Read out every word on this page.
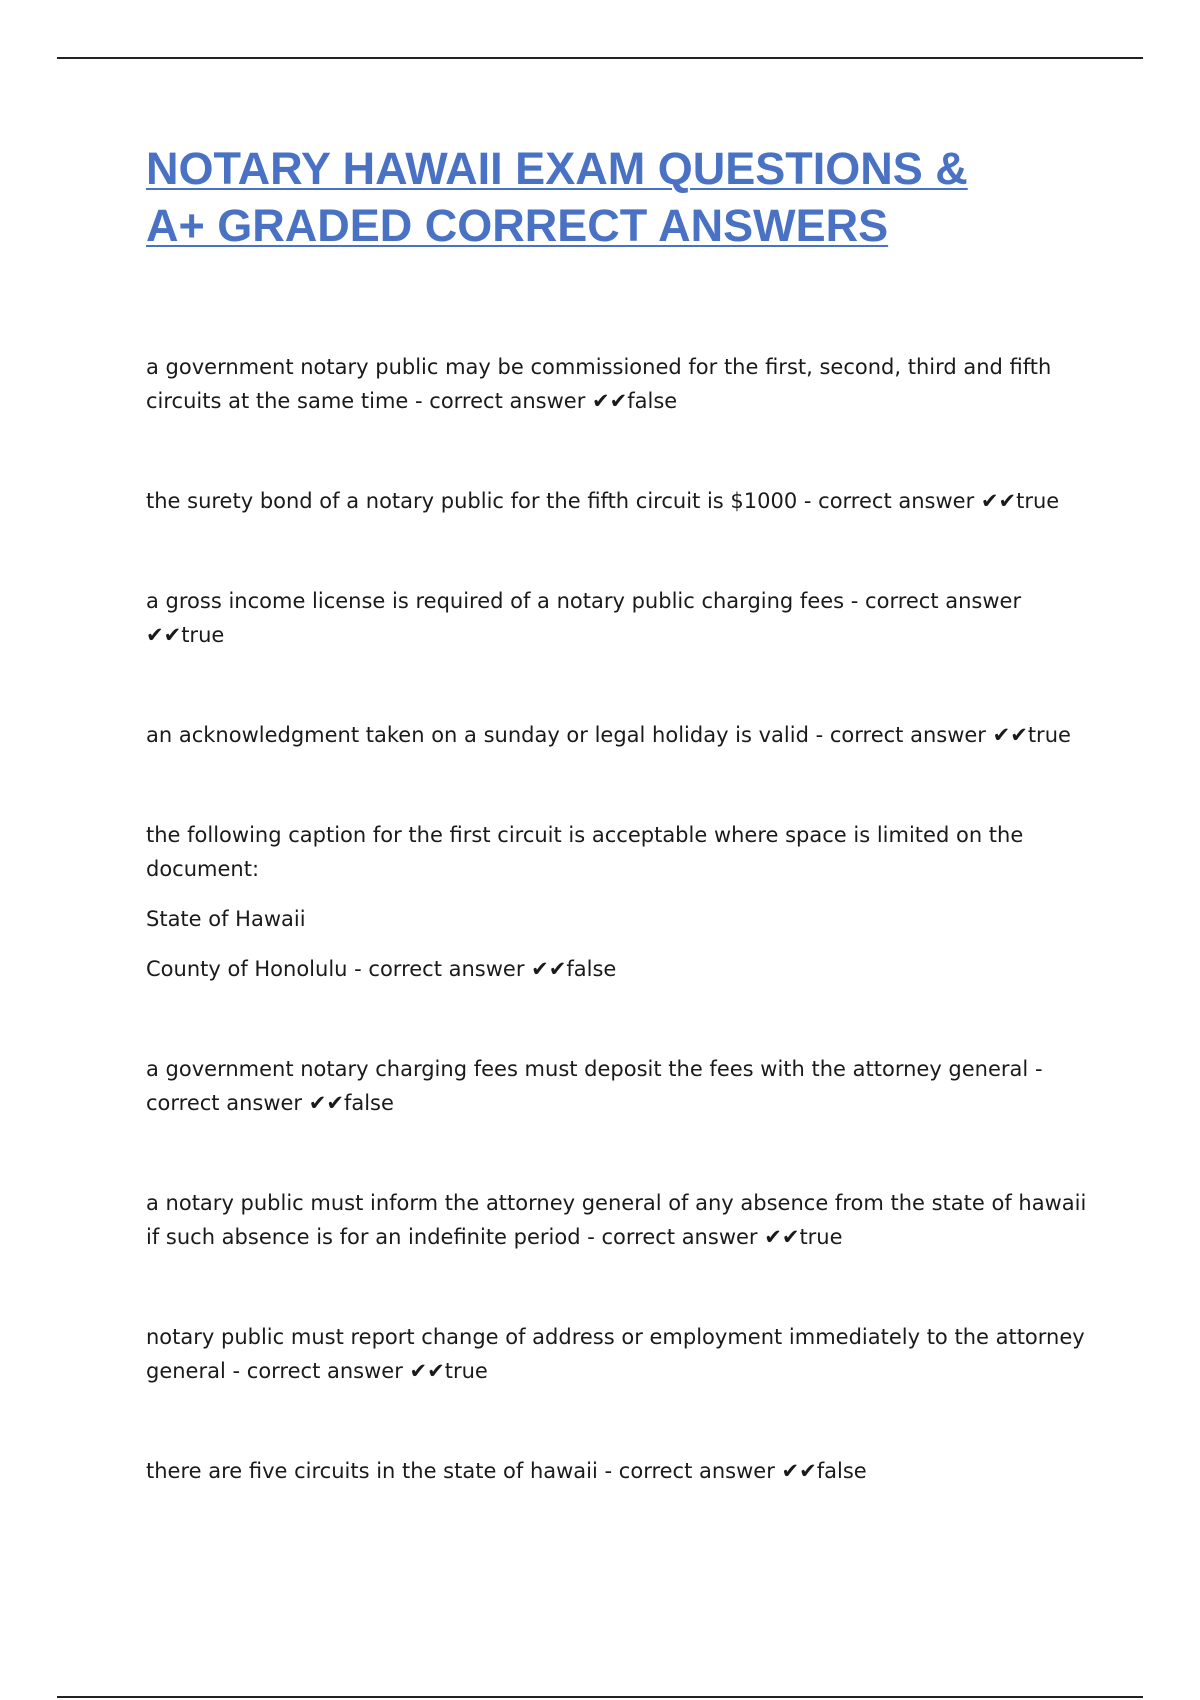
NOTARY HAWAII EXAM QUESTIONS &
A+ GRADED CORRECT ANSWERS

a government notary public may be commissioned for the first, second, third and fifth circuits at the same time - correct answer ✔✔false

the surety bond of a notary public for the fifth circuit is $1000 - correct answer ✔✔true

a gross income license is required of a notary public charging fees - correct answer ✔✔true

an acknowledgment taken on a sunday or legal holiday is valid - correct answer ✔✔true

the following caption for the first circuit is acceptable where space is limited on the document:

State of Hawaii

County of Honolulu - correct answer ✔✔false

a government notary charging fees must deposit the fees with the attorney general - correct answer ✔✔false

a notary public must inform the attorney general of any absence from the state of hawaii if such absence is for an indefinite period - correct answer ✔✔true

notary public must report change of address or employment immediately to the attorney general - correct answer ✔✔true

there are five circuits in the state of hawaii - correct answer ✔✔false
